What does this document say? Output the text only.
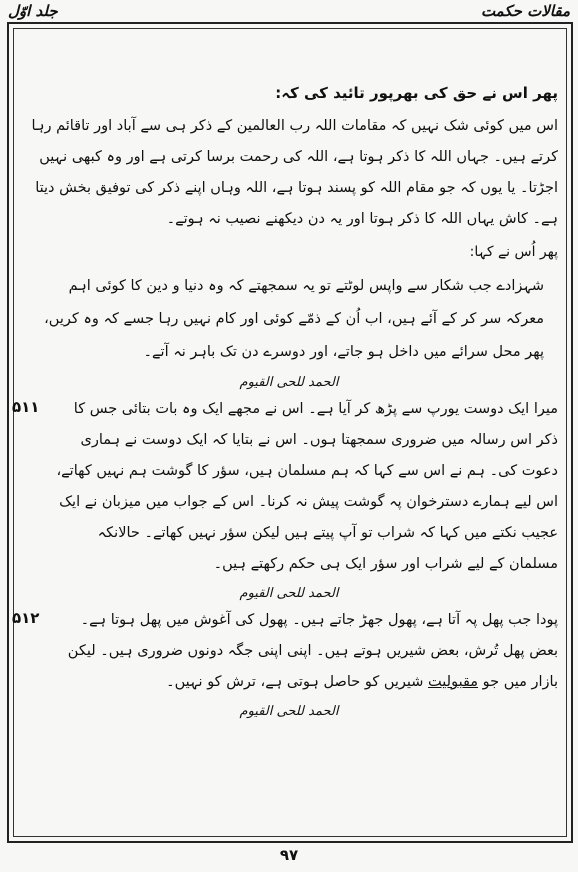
جلد اوّل	مقالات حکمت

پھر اس نے حق کی بھرپور تائید کی کہ:

اس میں کوئی شک نہیں کہ مقامات اللہ رب العالمین کے ذکر ہی سے آباد اور تاقائم رہا کرتے ہیں۔ جہاں اللہ کا ذکر ہوتا ہے، اللہ کی رحمت برسا کرتی ہے اور وہ کبھی نہیں اجڑتا۔ یا یوں کہ جو مقام اللہ کو پسند ہوتا ہے، اللہ وہاں اپنے ذکر کی توفیق بخش دیتا ہے۔ کاش یہاں اللہ کا ذکر ہوتا اور یہ دن دیکھنے نصیب نہ ہوتے۔

پھر اُس نے کہا:

شہزادے جب شکار سے واپس لوٹتے تو یہ سمجھتے کہ وہ دنیا و دین کا کوئی اہم معرکہ سر کر کے آئے ہیں، اب اُن کے ذمّے کوئی اور کام نہیں رہا جسے کہ وہ کریں، پھر محل سرائے میں داخل ہو جاتے، اور دوسرے دن تک باہر نہ آتے۔

الحمد للحی القیوم
۵۱۱	میرا ایک دوست یورپ سے پڑھ کر آیا ہے۔ اس نے مجھے ایک وہ بات بتائی جس کا ذکر اس رسالہ میں ضروری سمجھتا ہوں۔ اس نے بتایا کہ ایک دوست نے ہماری دعوت کی۔ ہم نے اس سے کہا کہ ہم مسلمان ہیں، سؤر کا گوشت ہم نہیں کھاتے، اس لیے ہمارے دسترخوان پہ گوشت پیش نہ کرنا۔ اس کے جواب میں میزبان نے ایک عجیب نکتے میں کہا کہ شراب تو آپ پیتے ہیں لیکن سؤر نہیں کھاتے۔ حالانکہ مسلمان کے لیے شراب اور سؤر ایک ہی حکم رکھتے ہیں۔

الحمد للحی القیوم
۵۱۲	پودا جب پھل پہ آتا ہے، پھول جھڑ جاتے ہیں۔ پھول کی آغوش میں پھل ہوتا ہے۔ بعض پھل تُرش، بعض شیریں ہوتے ہیں۔ اپنی اپنی جگہ دونوں ضروری ہیں۔ لیکن بازار میں جو مقبولیت شیریں کو حاصل ہوتی ہے، ترش کو نہیں۔

الحمد للحی القیوم
۹۷
